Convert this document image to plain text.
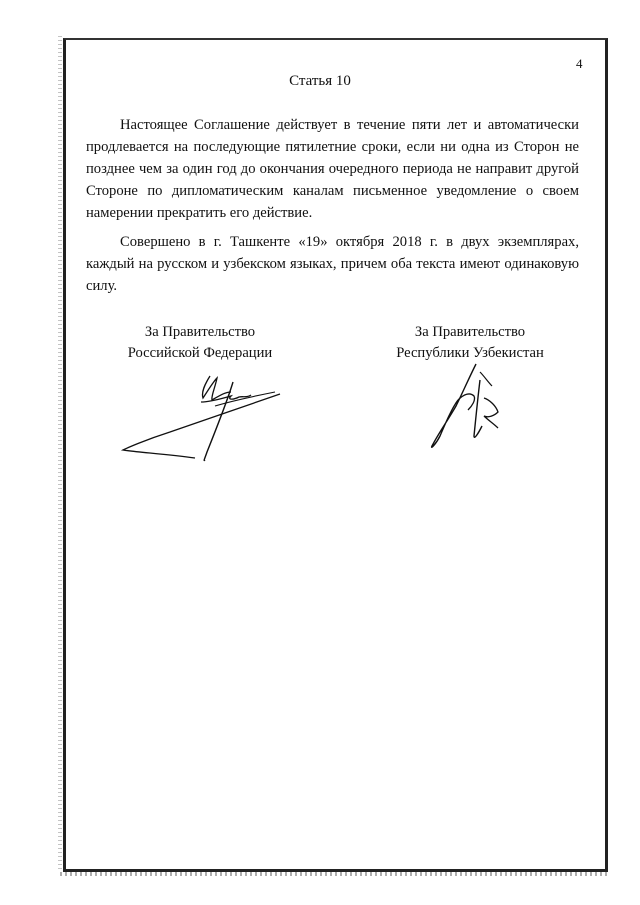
4
Статья 10

Настоящее Соглашение действует в течение пяти лет и автоматически продлевается на последующие пятилетние сроки, если ни одна из Сторон не позднее чем за один год до окончания очередного периода не направит другой Стороне по дипломатическим каналам письменное уведомление о своем намерении прекратить его действие.

Совершено в г. Ташкенте «19» октября 2018 г. в двух экземплярах, каждый на русском и узбекском языках, причем оба текста имеют одинаковую силу.

За Правительство
Российской Федерации
За Правительство
Республики Узбекистан
